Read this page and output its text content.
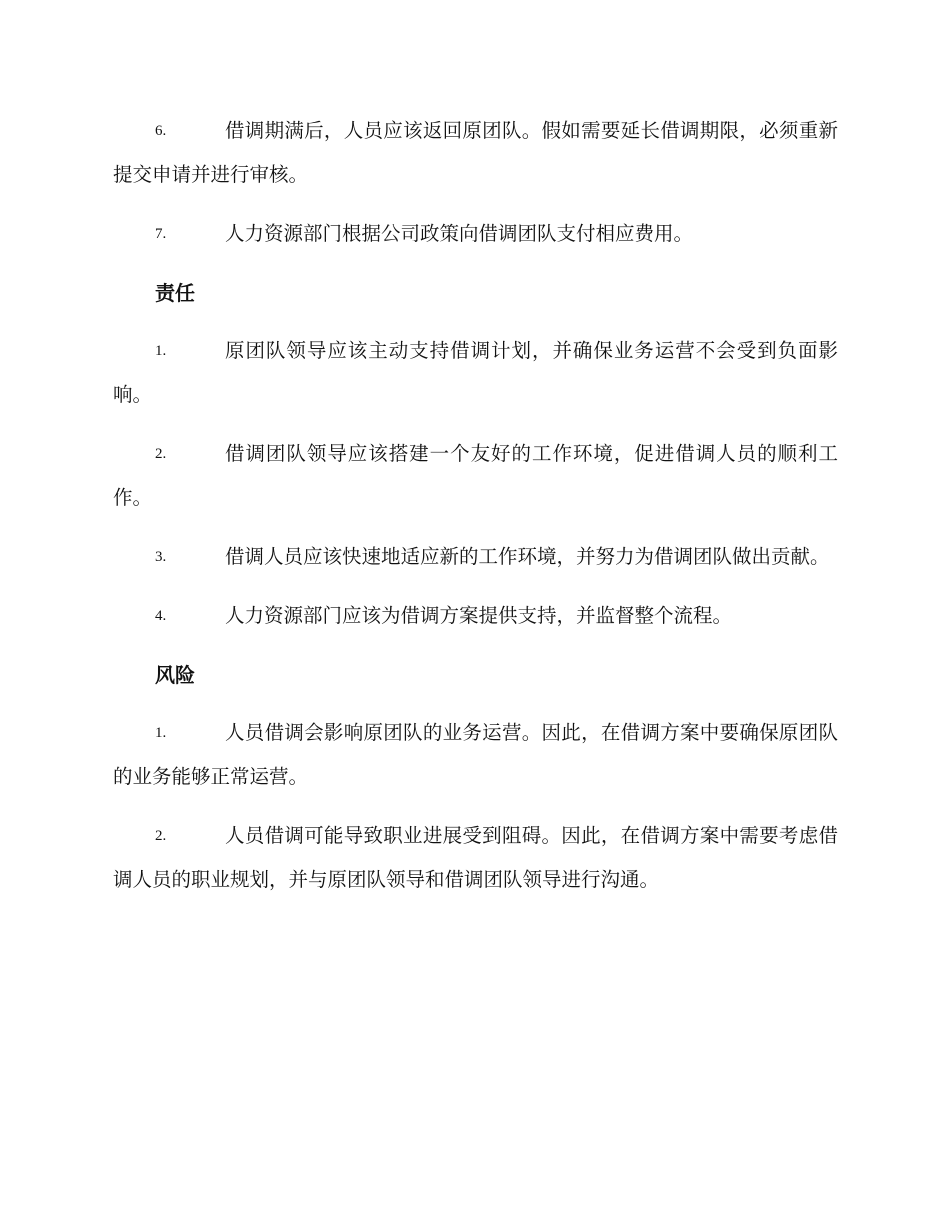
6.	借调期满后，人员应该返回原团队。假如需要延长借调期限，必须重新提交申请并进行审核。
7.	人力资源部门根据公司政策向借调团队支付相应费用。
责任
1.	原团队领导应该主动支持借调计划，并确保业务运营不会受到负面影响。
2.	借调团队领导应该搭建一个友好的工作环境，促进借调人员的顺利工作。
3.	借调人员应该快速地适应新的工作环境，并努力为借调团队做出贡献。
4.	人力资源部门应该为借调方案提供支持，并监督整个流程。
风险
1.	人员借调会影响原团队的业务运营。因此，在借调方案中要确保原团队的业务能够正常运营。
2.	人员借调可能导致职业进展受到阻碍。因此，在借调方案中需要考虑借调人员的职业规划，并与原团队领导和借调团队领导进行沟通。
